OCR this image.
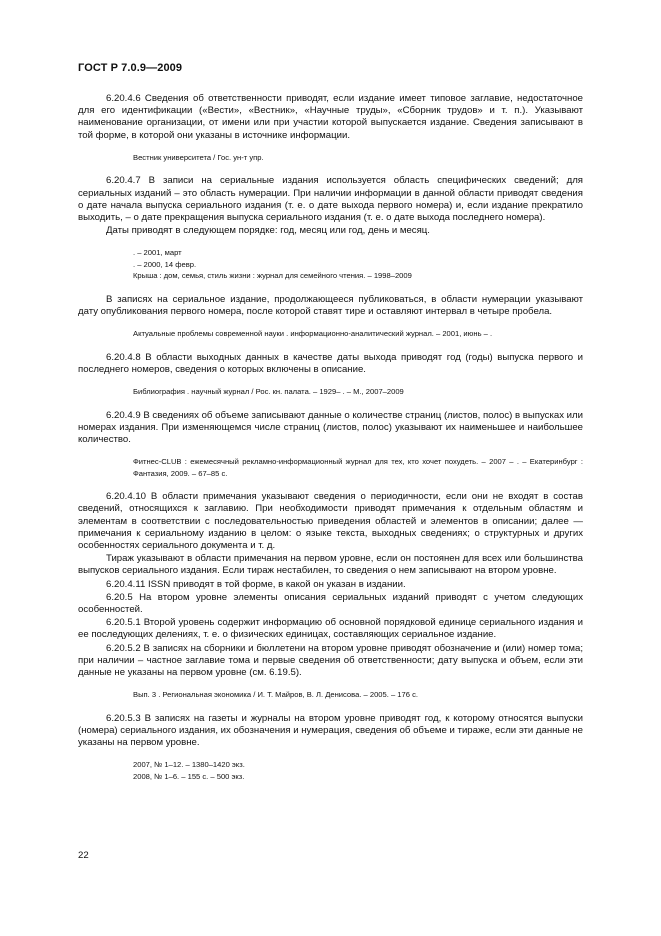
ГОСТ Р 7.0.9—2009

6.20.4.6 Сведения об ответственности приводят, если издание имеет типовое заглавие, недостаточное для его идентификации («Вести», «Вестник», «Научные труды», «Сборник трудов» и т. п.). Указывают наименование организации, от имени или при участии которой выпускается издание. Сведения записывают в той форме, в которой они указаны в источнике информации.

Вестник университета / Гос. ун-т упр.

6.20.4.7 В записи на сериальные издания используется область специфических сведений; для сериальных изданий – это область нумерации. При наличии информации в данной области приводят сведения о дате начала выпуска сериального издания (т. е. о дате выхода первого номера) и, если издание прекратило выходить, – о дате прекращения выпуска сериального издания (т. е. о дате выхода последнего номера).

Даты приводят в следующем порядке: год, месяц или год, день и месяц.

. – 2001, март
. – 2000, 14 февр.
Крыша : дом, семья, стиль жизни : журнал для семейного чтения. – 1998–2009

В записях на сериальное издание, продолжающееся публиковаться, в области нумерации указывают дату опубликования первого номера, после которой ставят тире и оставляют интервал в четыре пробела.

Актуальные проблемы современной науки . информационно-аналитический журнал. – 2001, июнь – .

6.20.4.8 В области выходных данных в качестве даты выхода приводят год (годы) выпуска первого и последнего номеров, сведения о которых включены в описание.

Библиография . научный журнал / Рос. кн. палата. – 1929– . – М., 2007–2009

6.20.4.9 В сведениях об объеме записывают данные о количестве страниц (листов, полос) в выпусках или номерах издания. При изменяющемся числе страниц (листов, полос) указывают их наименьшее и наибольшее количество.

Фитнес-CLUB : ежемесячный рекламно-информационный журнал для тех, кто хочет похудеть. – 2007 – . – Екатеринбург : Фантазия, 2009. – 67–85 с.

6.20.4.10 В области примечания указывают сведения о периодичности, если они не входят в состав сведений, относящихся к заглавию. При необходимости приводят примечания к отдельным областям и элементам в соответствии с последовательностью приведения областей и элементов в описании; далее — примечания к сериальному изданию в целом: о языке текста, выходных сведениях; о структурных и других особенностях сериального документа и т. д.

Тираж указывают в области примечания на первом уровне, если он постоянен для всех или большинства выпусков сериального издания. Если тираж нестабилен, то сведения о нем записывают на втором уровне.

6.20.4.11 ISSN приводят в той форме, в какой он указан в издании.

6.20.5 На втором уровне элементы описания сериальных изданий приводят с учетом следующих особенностей.

6.20.5.1 Второй уровень содержит информацию об основной порядковой единице сериального издания и ее последующих делениях, т. е. о физических единицах, составляющих сериальное издание.

6.20.5.2 В записях на сборники и бюллетени на втором уровне приводят обозначение и (или) номер тома; при наличии – частное заглавие тома и первые сведения об ответственности; дату выпуска и объем, если эти данные не указаны на первом уровне (см. 6.19.5).

Вып. 3 . Региональная экономика / И. Т. Майров, В. Л. Денисова. – 2005. – 176 с.

6.20.5.3 В записях на газеты и журналы на втором уровне приводят год, к которому относятся выпуски (номера) сериального издания, их обозначения и нумерация, сведения об объеме и тираже, если эти данные не указаны на первом уровне.

2007, № 1–12. – 1380–1420 экз.
2008, № 1–6. – 155 с. – 500 экз.
22
